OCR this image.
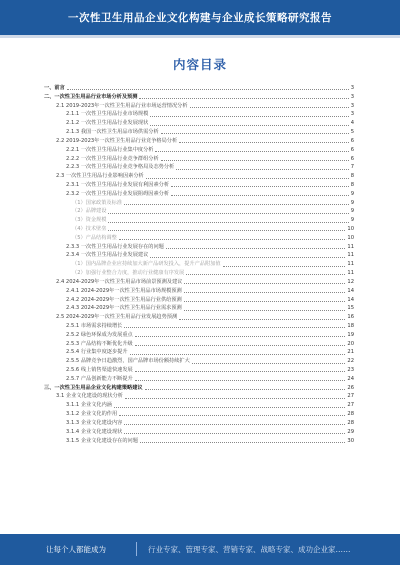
一次性卫生用品企业文化构建与企业成长策略研究报告
内容目录
一、前言	3
二、一次性卫生用品行业市场分析及预测	3
2.1 2019-2023年一次性卫生用品行业市场运营情况分析	3
2.1.1 一次性卫生用品行业市场规模	3
2.1.2 一次性卫生用品行业发展现状	4
2.1.3 我国一次性卫生用品市场供需分析	5
2.2 2019-2023年一次性卫生用品行业竞争格局分析	6
2.2.1 一次性卫生用品行业集中度分析	6
2.2.2 一次性卫生用品行业竞争群组分析	6
2.2.3 一次性卫生用品行业竞争格局及态势分析	7
2.3 一次性卫生用品行业影响因素分析	8
2.3.1 一次性卫生用品行业发展有利因素分析	8
2.3.2 一次性卫生用品行业发展阻碍因素分析	9
（1）国家政策及标准	9
（2）品牌建设	9
（3）资金规模	9
（4）技术壁垒	10
（5）产品结构调整	10
2.3.3 一次性卫生用品行业发展存在的问题	11
2.3.4 一次性卫生用品行业发展建议	11
（1）国内品牌企业应持续加大新产品研发投入，提升产品附加值	11
（2）加强行业整合力度，推动行业健康有序发展	11
2.4 2024-2029年一次性卫生用品市场前景预测及建议	12
2.4.1 2024-2029年一次性卫生用品市场规模预测	14
2.4.2 2024-2029年一次性卫生用品行业供给预测	14
2.4.3 2024-2029年一次性卫生用品行业需求预测	15
2.5 2024-2029年一次性卫生用品行业发展趋势预测	16
2.5.1 市场需求持续增长	18
2.5.2 绿色环保成为发展重点	19
2.5.3 产品结构不断优化升级	20
2.5.4 行业集中度逐步提升	21
2.5.5 品牌竞争日趋激烈，国产品牌市场份额持续扩大	22
2.5.6 线上销售渠道快速发展	23
2.5.7 产品创新能力不断提升	24
三、一次性卫生用品企业文化构建策略建议	26
3.1 企业文化建设的现状分析	27
3.1.1 企业文化内涵	27
3.1.2 企业文化的作用	28
3.1.3 企业文化建设内容	28
3.1.4 企业文化建设现状	29
3.1.5 企业文化建设存在的问题	30
让每个人都能成为	行业专家、管理专家、营销专家、战略专家、成功企业家……
